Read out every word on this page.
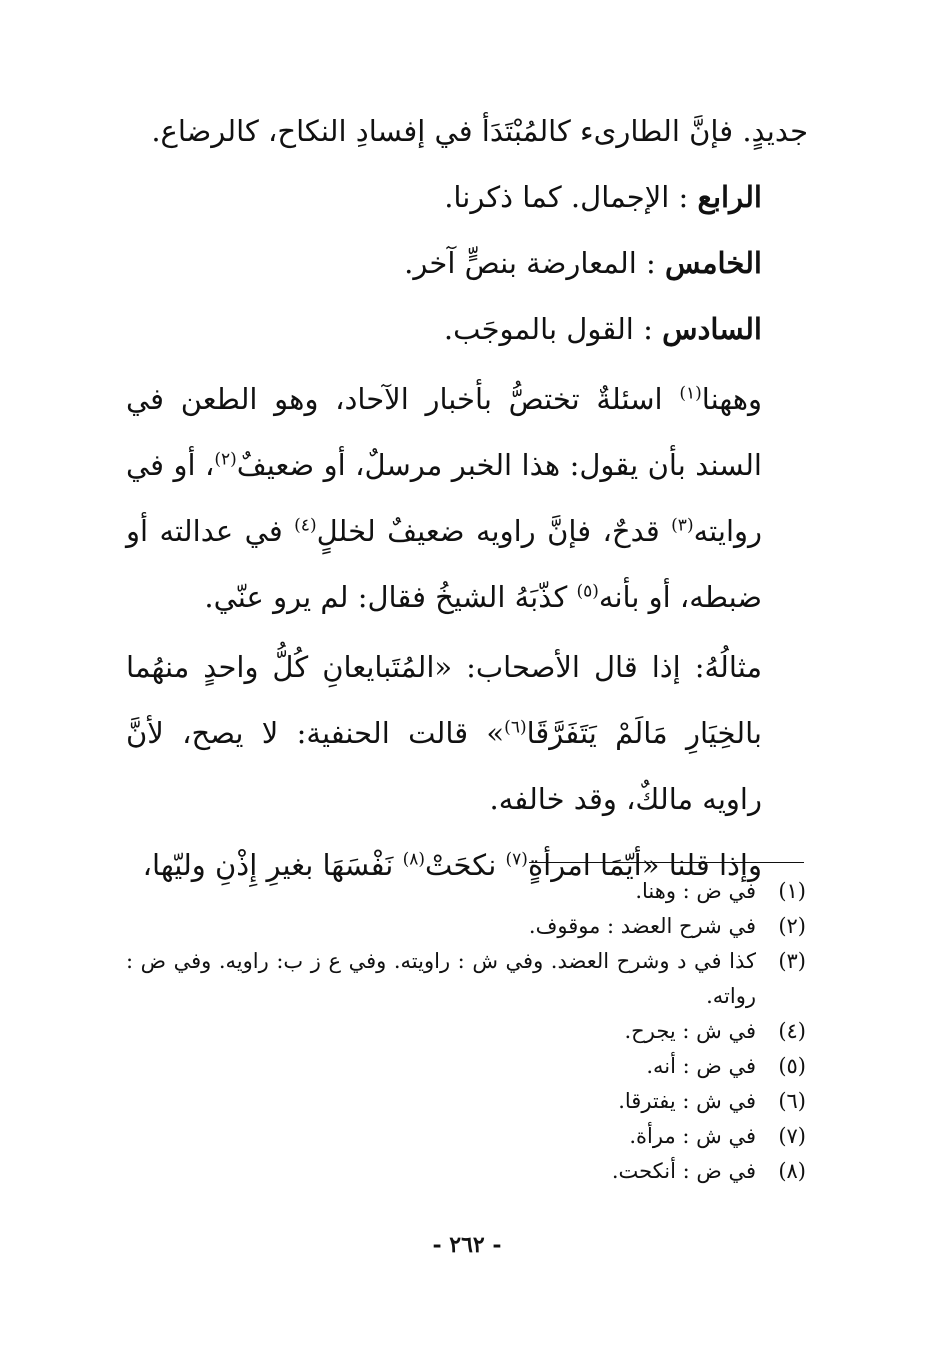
جديدٍ. فإنَّ الطارىء كالمُبْتَدَأ في إفسادِ النكاح، كالرضاع.

الرابع : الإجمال. كما ذكرنا.

الخامس : المعارضة بنصٍّ آخر.

السادس : القول بالموجَب.

وههنا$^{(١)}$ اسئلةٌ تختصُّ بأخبار الآحاد، وهو الطعن في السند بأن يقول: هذا الخبر مرسلٌ، أو ضعيفٌ$^{(٢)}$، أو في روايته$^{(٣)}$ قدحٌ، فإنَّ راويه ضعيفٌ لخللٍ$^{(٤)}$ في عدالته أو ضبطه، أو بأنه$^{(٥)}$ كذّبَهُ الشيخُ فقال: لم يرو عنّي.

مثالُهُ: إذا قال الأصحاب: «المُتَبايعانِ كُلُّ واحدٍ منهُما بالخِيَارِ مَالَمْ يَتَفَرَّقَا$^{(٦)}$» قالت الحنفية: لا يصح، لأنَّ راويه مالكٌ، وقد خالفه.

وإذا قلنا «أيّمَا امرأةٍ$^{(٧)}$ نكحَتْ$^{(٨)}$ نَفْسَهَا بغيرِ إِذْنِ وليّها،

(١)
في ض : وهنا.
(٢)
في شرح العضد : موقوف.
(٣)
كذا في د وشرح العضد. وفي ش : راويته. وفي ع ز ب: راويه. وفي ض : رواته.
(٤)
في ش : يجرح.
(٥)
في ض : أنه.
(٦)
في ش : يفترقا.
(٧)
في ش : مرأة.
(٨)
في ض : أنكحت.
- ٢٦٢ -
